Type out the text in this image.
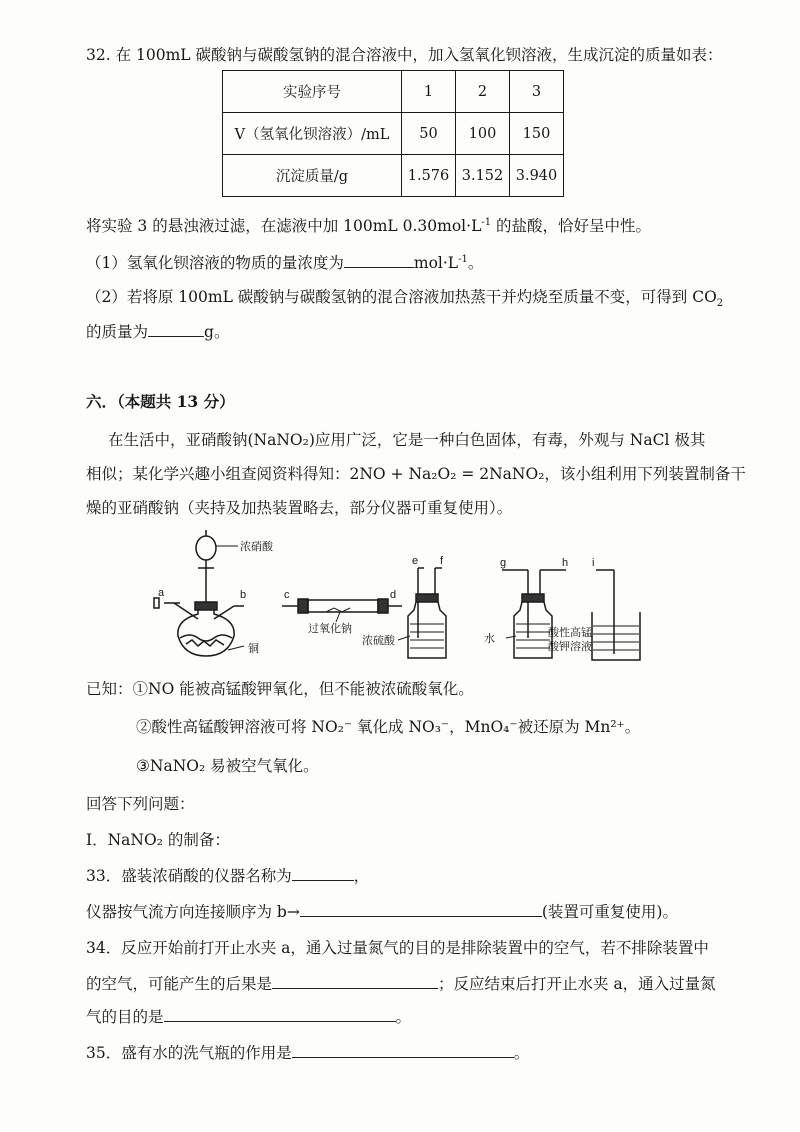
32. 在 100mL 碳酸钠与碳酸氢钠的混合溶液中，加入氢氧化钡溶液，生成沉淀的质量如表：
实验序号	1	2	3
V（氢氧化钡溶液）/mL	50	100	150
沉淀质量/g	1.576	3.152	3.940
将实验 3 的悬浊液过滤，在滤液中加 100mL $0.30mol\cdot L^{-1}$ 的盐酸，恰好呈中性。
（1）氢氧化钡溶液的物质的量浓度为	$mol\cdot L^{-1}$。
（2）若将原 100mL 碳酸钠与碳酸氢钠的混合溶液加热蒸干并灼烧至质量不变，可得到 $CO_2$
的质量为	g。
六．（本题共 13 分）
在生活中，亚硝酸钠(NaNO₂)应用广泛，它是一种白色固体，有毒，外观与 NaCl 极其
相似；某化学兴趣小组查阅资料得知：2NO + Na₂O₂ = 2NaNO₂，该小组利用下列装置制备干
燥的亚硝酸钠（夹持及加热装置略去，部分仪器可重复使用）。
浓硝酸
a	b
铜
c	d
过氧化钠
e f
浓硫酸
g	h
水
i
酸性高锰
酸钾溶液
已知：①NO 能被高锰酸钾氧化，但不能被浓硫酸氧化。
②酸性高锰酸钾溶液可将 NO₂⁻ 氧化成 NO₃⁻，MnO₄⁻被还原为 Mn²⁺。
③NaNO₂ 易被空气氧化。
回答下列问题：
I．NaNO₂ 的制备：
33．盛装浓硝酸的仪器名称为	，
仪器按气流方向连接顺序为 b→	(装置可重复使用)。
34．反应开始前打开止水夹 a，通入过量氮气的目的是排除装置中的空气，若不排除装置中
的空气，可能产生的后果是	；反应结束后打开止水夹 a，通入过量氮
气的目的是	。
35．盛有水的洗气瓶的作用是	。
